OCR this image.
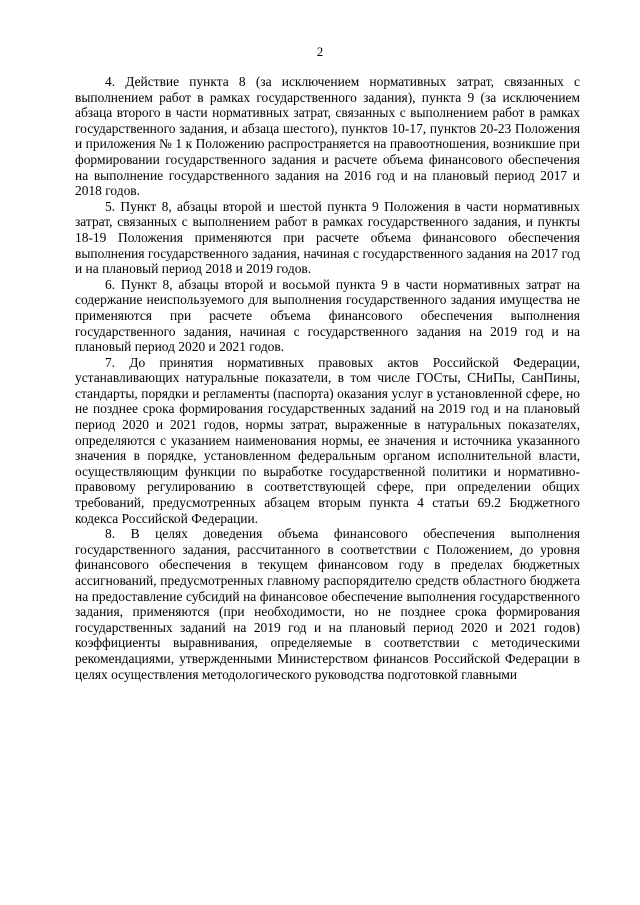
2

4. Действие пункта 8 (за исключением нормативных затрат, связанных с выполнением работ в рамках государственного задания), пункта 9 (за исключением абзаца второго в части нормативных затрат, связанных с выполнением работ в рамках государственного задания, и абзаца шестого), пунктов 10-17, пунктов 20-23 Положения и приложения № 1 к Положению распространяется на правоотношения, возникшие при формировании государственного задания и расчете объема финансового обеспечения на выполнение государственного задания на 2016 год и на плановый период 2017 и 2018 годов.

5. Пункт 8, абзацы второй и шестой пункта 9 Положения в части нормативных затрат, связанных с выполнением работ в рамках государственного задания, и пункты 18-19 Положения применяются при расчете объема финансового обеспечения выполнения государственного задания, начиная с государственного задания на 2017 год и на плановый период 2018 и 2019 годов.

6. Пункт 8, абзацы второй и восьмой пункта 9 в части нормативных затрат на содержание неиспользуемого для выполнения государственного задания имущества не применяются при расчете объема финансового обеспечения выполнения государственного задания, начиная с государственного задания на 2019 год и на плановый период 2020 и 2021 годов.

7. До принятия нормативных правовых актов Российской Федерации, устанавливающих натуральные показатели, в том числе ГОСты, СНиПы, СанПины, стандарты, порядки и регламенты (паспорта) оказания услуг в установленной сфере, но не позднее срока формирования государственных заданий на 2019 год и на плановый период 2020 и 2021 годов, нормы затрат, выраженные в натуральных показателях, определяются с указанием наименования нормы, ее значения и источника указанного значения в порядке, установленном федеральным органом исполнительной власти, осуществляющим функции по выработке государственной политики и нормативно-правовому регулированию в соответствующей сфере, при определении общих требований, предусмотренных абзацем вторым пункта 4 статьи 69.2 Бюджетного кодекса Российской Федерации.

8. В целях доведения объема финансового обеспечения выполнения государственного задания, рассчитанного в соответствии с Положением, до уровня финансового обеспечения в текущем финансовом году в пределах бюджетных ассигнований, предусмотренных главному распорядителю средств областного бюджета на предоставление субсидий на финансовое обеспечение выполнения государственного задания, применяются (при необходимости, но не позднее срока формирования государственных заданий на 2019 год и на плановый период 2020 и 2021 годов) коэффициенты выравнивания, определяемые в соответствии с методическими рекомендациями, утвержденными Министерством финансов Российской Федерации в целях осуществления методологического руководства подготовкой главными
